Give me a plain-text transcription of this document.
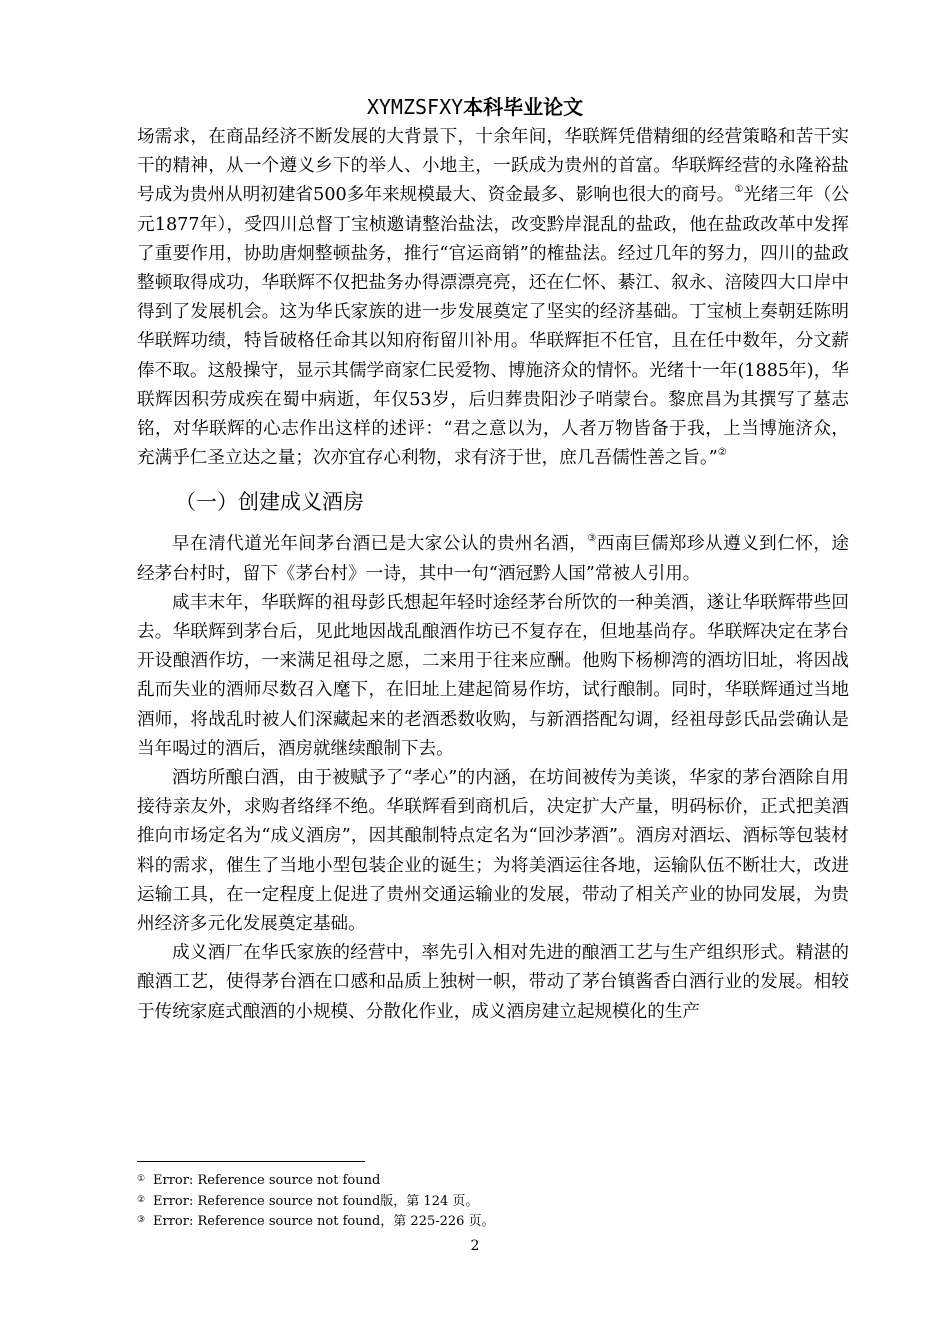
XYMZSFXY本科毕业论文

场需求，在商品经济不断发展的大背景下，十余年间，华联辉凭借精细的经营策略和苦干实干的精神，从一个遵义乡下的举人、小地主，一跃成为贵州的首富。华联辉经营的永隆裕盐号成为贵州从明初建省500多年来规模最大、资金最多、影响也很大的商号。①光绪三年（公元1877年），受四川总督丁宝桢邀请整治盐法，改变黔岸混乱的盐政，他在盐政改革中发挥了重要作用，协助唐炯整顿盐务，推行“官运商销”的榷盐法。经过几年的努力，四川的盐政整顿取得成功，华联辉不仅把盐务办得漂漂亮亮，还在仁怀、綦江、叙永、涪陵四大口岸中得到了发展机会。这为华氏家族的进一步发展奠定了坚实的经济基础。丁宝桢上奏朝廷陈明华联辉功绩，特旨破格任命其以知府衔留川补用。华联辉拒不任官，且在任中数年，分文薪俸不取。这般操守，显示其儒学商家仁民爱物、博施济众的情怀。光绪十一年(1885年)，华联辉因积劳成疾在蜀中病逝，年仅53岁，后归葬贵阳沙子哨蒙台。黎庶昌为其撰写了墓志铭，对华联辉的心志作出这样的述评：“君之意以为，人者万物皆备于我，上当博施济众，充满乎仁圣立达之量；次亦宜存心利物，求有济于世，庶几吾儒性善之旨。”②

（一）创建成义酒房

早在清代道光年间茅台酒已是大家公认的贵州名酒，③西南巨儒郑珍从遵义到仁怀，途经茅台村时，留下《茅台村》一诗，其中一句“酒冠黔人国”常被人引用。

咸丰末年，华联辉的祖母彭氏想起年轻时途经茅台所饮的一种美酒，遂让华联辉带些回去。华联辉到茅台后，见此地因战乱酿酒作坊已不复存在，但地基尚存。华联辉决定在茅台开设酿酒作坊，一来满足祖母之愿，二来用于往来应酬。他购下杨柳湾的酒坊旧址，将因战乱而失业的酒师尽数召入麾下，在旧址上建起简易作坊，试行酿制。同时，华联辉通过当地酒师，将战乱时被人们深藏起来的老酒悉数收购，与新酒搭配勾调，经祖母彭氏品尝确认是当年喝过的酒后，酒房就继续酿制下去。

酒坊所酿白酒，由于被赋予了“孝心”的内涵，在坊间被传为美谈，华家的茅台酒除自用接待亲友外，求购者络绎不绝。华联辉看到商机后，决定扩大产量，明码标价，正式把美酒推向市场定名为“成义酒房”，因其酿制特点定名为“回沙茅酒”。酒房对酒坛、酒标等包装材料的需求，催生了当地小型包装企业的诞生；为将美酒运往各地，运输队伍不断壮大，改进运输工具，在一定程度上促进了贵州交通运输业的发展，带动了相关产业的协同发展，为贵州经济多元化发展奠定基础。

成义酒厂在华氏家族的经营中，率先引入相对先进的酿酒工艺与生产组织形式。精湛的酿酒工艺，使得茅台酒在口感和品质上独树一帜，带动了茅台镇酱香白酒行业的发展。相较于传统家庭式酿酒的小规模、分散化作业，成义酒房建立起规模化的生产

① Error: Reference source not found
② Error: Reference source not found版，第 124 页。
③ Error: Reference source not found，第 225-226 页。
2
